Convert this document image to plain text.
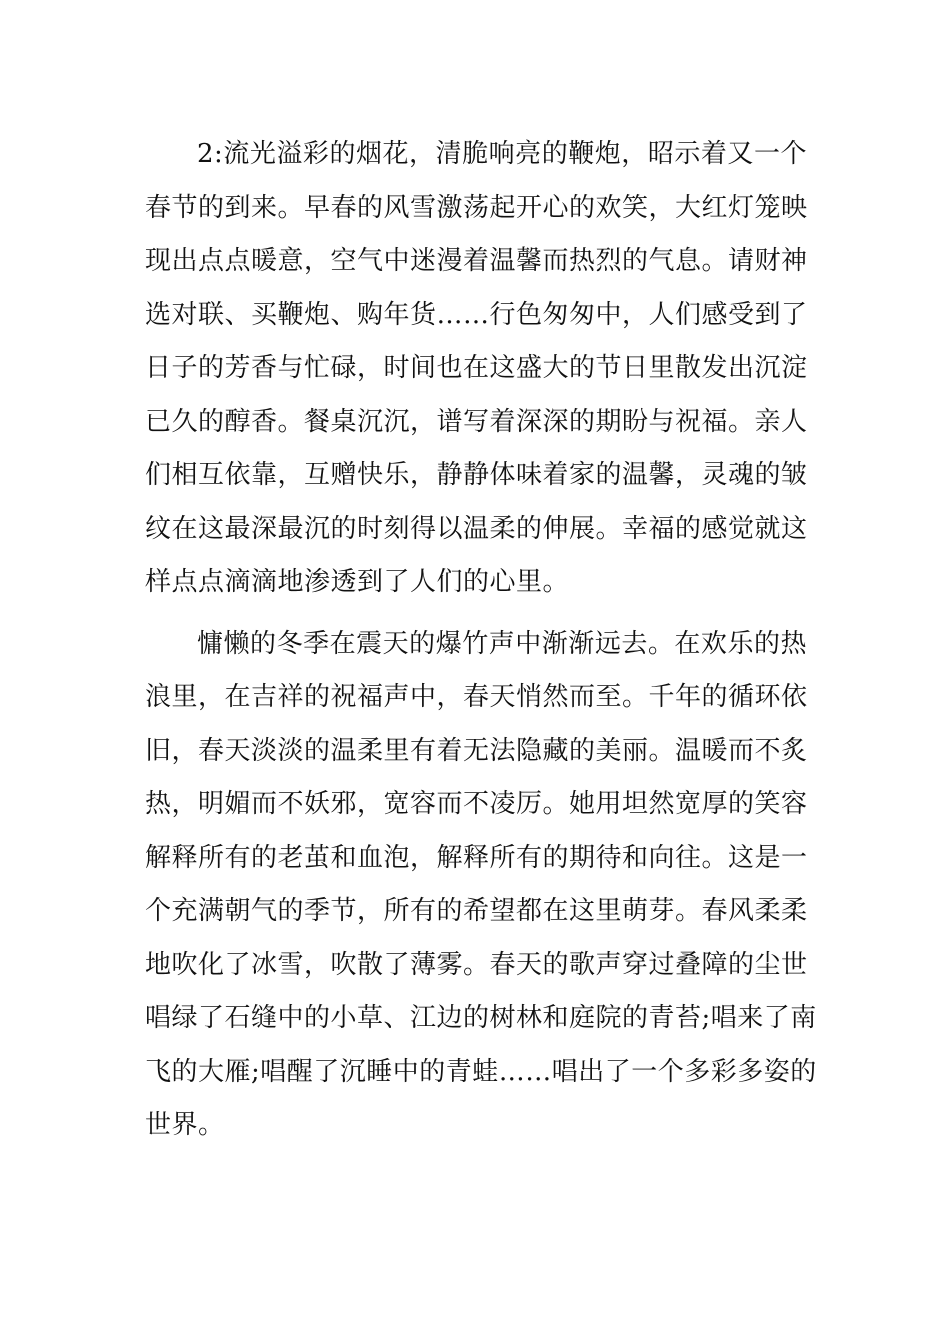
2:流光溢彩的烟花，清脆响亮的鞭炮，昭示着又一个
春节的到来。早春的风雪激荡起开心的欢笑，大红灯笼映
现出点点暖意，空气中迷漫着温馨而热烈的气息。请财神
选对联、买鞭炮、购年货……行色匆匆中，人们感受到了
日子的芳香与忙碌，时间也在这盛大的节日里散发出沉淀
已久的醇香。餐桌沉沉，谱写着深深的期盼与祝福。亲人
们相互依靠，互赠快乐，静静体味着家的温馨，灵魂的皱
纹在这最深最沉的时刻得以温柔的伸展。幸福的感觉就这
样点点滴滴地渗透到了人们的心里。
慵懒的冬季在震天的爆竹声中渐渐远去。在欢乐的热
浪里，在吉祥的祝福声中，春天悄然而至。千年的循环依
旧，春天淡淡的温柔里有着无法隐藏的美丽。温暖而不炙
热，明媚而不妖邪，宽容而不凌厉。她用坦然宽厚的笑容
解释所有的老茧和血泡，解释所有的期待和向往。这是一
个充满朝气的季节，所有的希望都在这里萌芽。春风柔柔
地吹化了冰雪，吹散了薄雾。春天的歌声穿过叠障的尘世
唱绿了石缝中的小草、江边的树林和庭院的青苔;唱来了南
飞的大雁;唱醒了沉睡中的青蛙……唱出了一个多彩多姿的
世界。
